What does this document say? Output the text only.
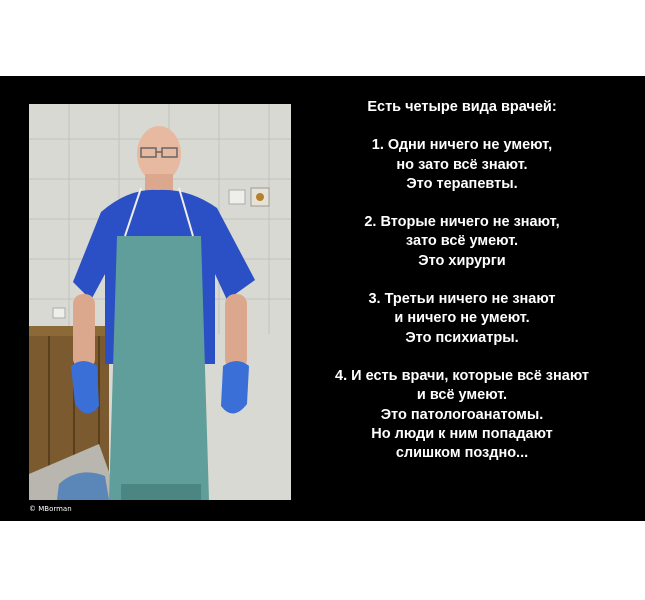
© MBorman
Есть четыре вида врачей:
1. Одни ничего не умеют,
но зато всё знают.
Это терапевты.
2. Вторые ничего не знают,
зато всё умеют.
Это хирурги
3. Третьи ничего не знают
и ничего не умеют.
Это психиатры.
4. И есть врачи, которые всё знают
и всё умеют.
Это патологоанатомы.
Но люди к ним попадают
слишком поздно...
